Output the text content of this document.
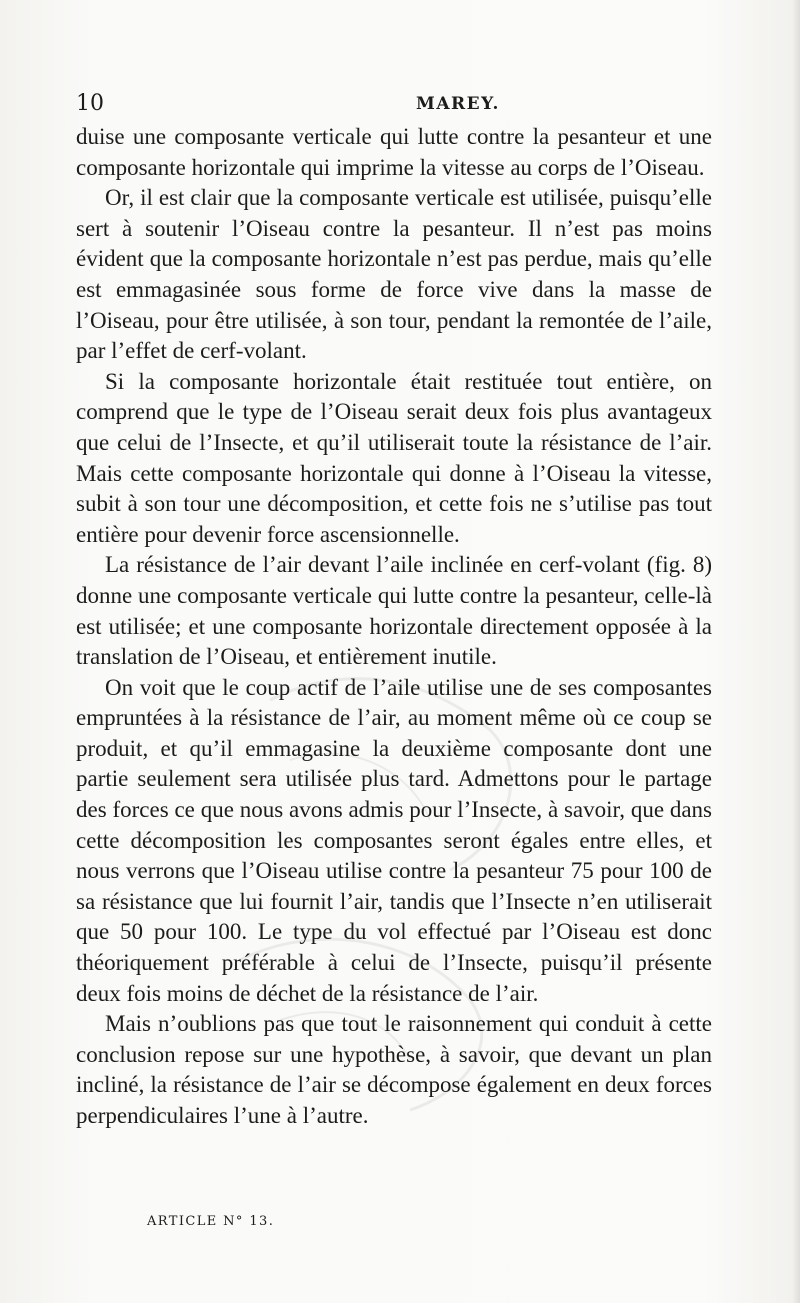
10	MAREY.

duise une composante verticale qui lutte contre la pesanteur et une composante horizontale qui imprime la vitesse au corps de l’Oiseau.

Or, il est clair que la composante verticale est utilisée, puisqu’elle sert à soutenir l’Oiseau contre la pesanteur. Il n’est pas moins évident que la composante horizontale n’est pas perdue, mais qu’elle est emmagasinée sous forme de force vive dans la masse de l’Oiseau, pour être utilisée, à son tour, pendant la remontée de l’aile, par l’effet de cerf-volant.

Si la composante horizontale était restituée tout entière, on comprend que le type de l’Oiseau serait deux fois plus avantageux que celui de l’Insecte, et qu’il utiliserait toute la résistance de l’air. Mais cette composante horizontale qui donne à l’Oiseau la vitesse, subit à son tour une décomposition, et cette fois ne s’utilise pas tout entière pour devenir force ascensionnelle.

La résistance de l’air devant l’aile inclinée en cerf-volant (fig. 8) donne une composante verticale qui lutte contre la pesanteur, celle-là est utilisée; et une composante horizontale directement opposée à la translation de l’Oiseau, et entièrement inutile.

On voit que le coup actif de l’aile utilise une de ses composantes empruntées à la résistance de l’air, au moment même où ce coup se produit, et qu’il emmagasine la deuxième composante dont une partie seulement sera utilisée plus tard. Admettons pour le partage des forces ce que nous avons admis pour l’Insecte, à savoir, que dans cette décomposition les composantes seront égales entre elles, et nous verrons que l’Oiseau utilise contre la pesanteur 75 pour 100 de sa résistance que lui fournit l’air, tandis que l’Insecte n’en utiliserait que 50 pour 100. Le type du vol effectué par l’Oiseau est donc théoriquement préférable à celui de l’Insecte, puisqu’il présente deux fois moins de déchet de la résistance de l’air.

Mais n’oublions pas que tout le raisonnement qui conduit à cette conclusion repose sur une hypothèse, à savoir, que devant un plan incliné, la résistance de l’air se décompose également en deux forces perpendiculaires l’une à l’autre.

ARTICLE N° 13.
